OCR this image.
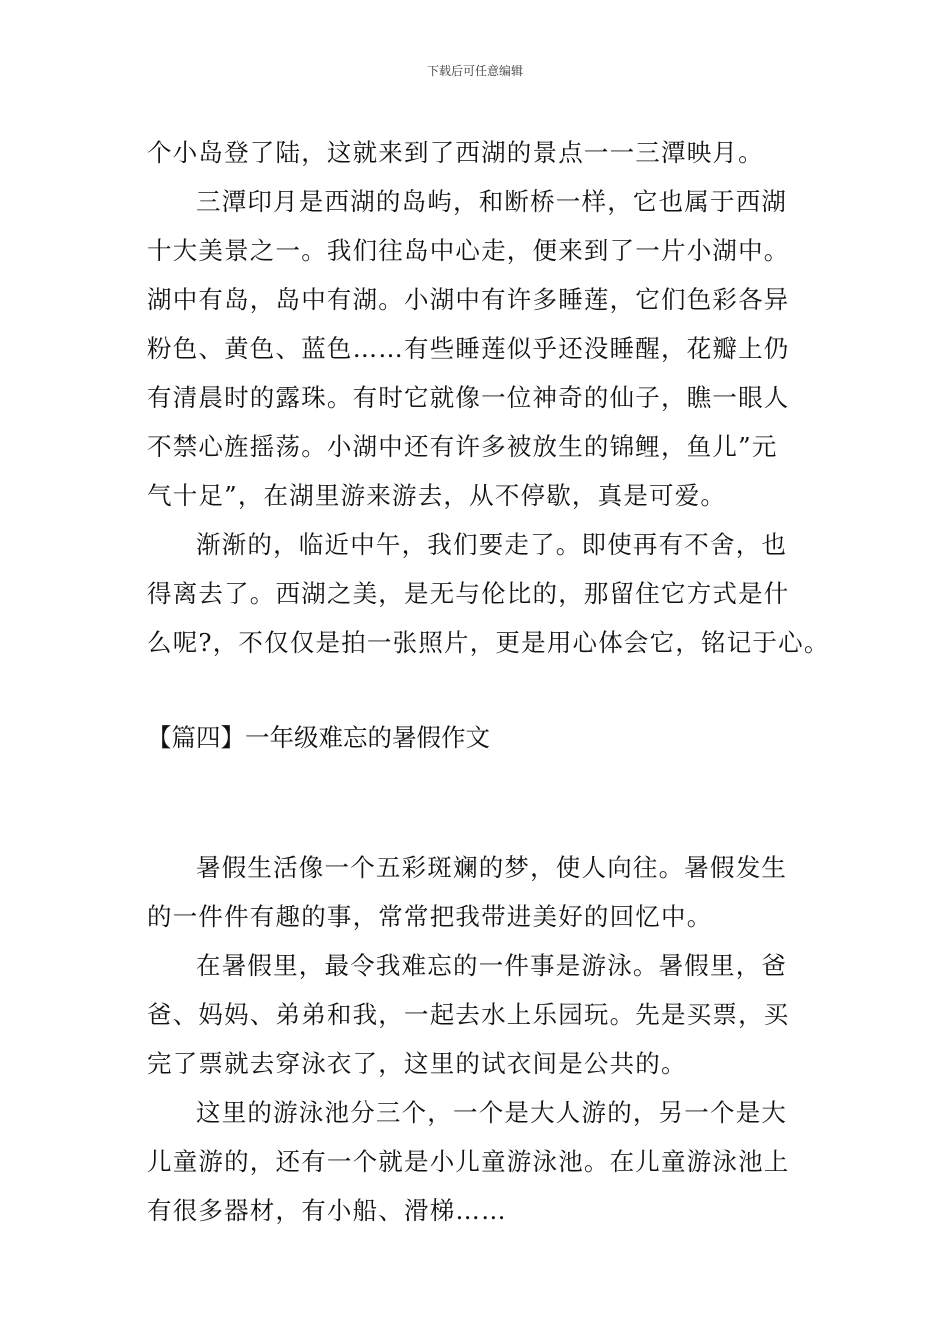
下载后可任意编辑

个小岛登了陆，这就来到了西湖的景点一一三潭映月。

三潭印月是西湖的岛屿，和断桥一样，它也属于西湖

十大美景之一。我们往岛中心走，便来到了一片小湖中。

湖中有岛，岛中有湖。小湖中有许多睡莲，它们色彩各异

粉色、黄色、蓝色……有些睡莲似乎还没睡醒，花瓣上仍

有清晨时的露珠。有时它就像一位神奇的仙子，瞧一眼人

不禁心旌摇荡。小湖中还有许多被放生的锦鲤，鱼儿”元

气十足”，在湖里游来游去，从不停歇，真是可爱。

渐渐的，临近中午，我们要走了。即使再有不舍，也

得离去了。西湖之美，是无与伦比的，那留住它方式是什

么呢?，不仅仅是拍一张照片，更是用心体会它，铭记于心。

【篇四】一年级难忘的暑假作文

暑假生活像一个五彩斑斓的梦，使人向往。暑假发生

的一件件有趣的事，常常把我带进美好的回忆中。

在暑假里，最令我难忘的一件事是游泳。暑假里，爸

爸、妈妈、弟弟和我，一起去水上乐园玩。先是买票，买

完了票就去穿泳衣了，这里的试衣间是公共的。

这里的游泳池分三个，一个是大人游的，另一个是大

儿童游的，还有一个就是小儿童游泳池。在儿童游泳池上

有很多器材，有小船、滑梯……
